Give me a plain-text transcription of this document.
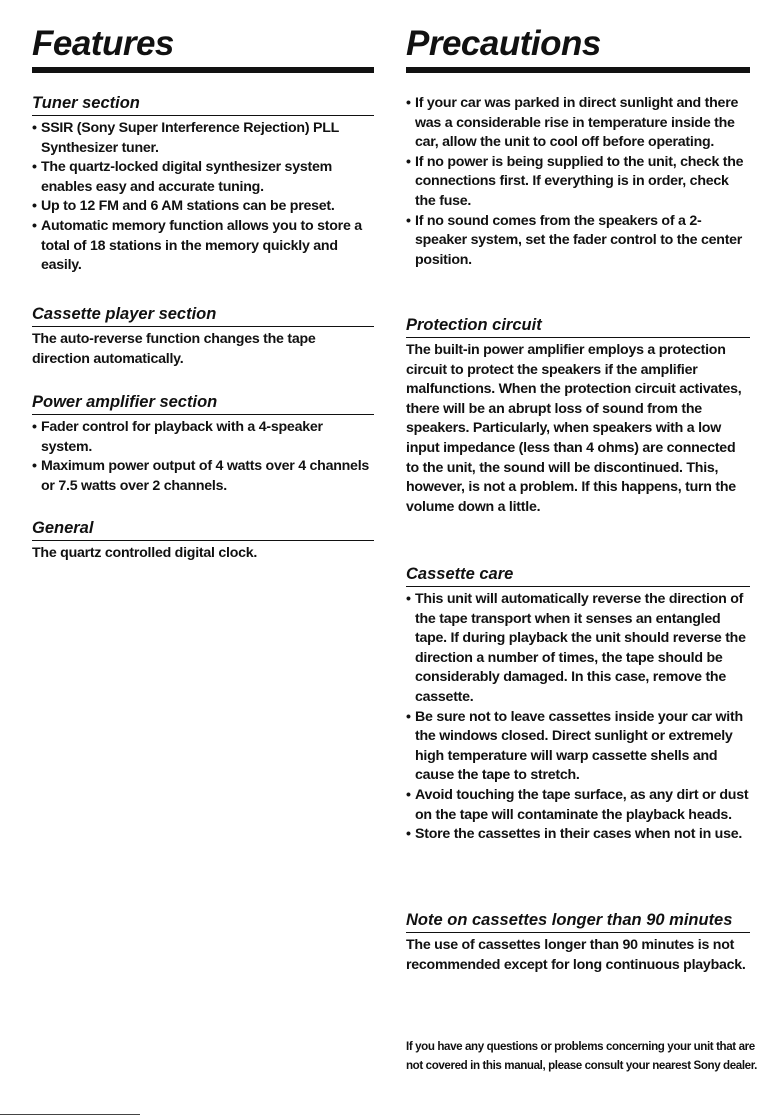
Features
Tuner section
• SSIR (Sony Super Interference Rejection) PLL Synthesizer tuner.
• The quartz-locked digital synthesizer system enables easy and accurate tuning.
• Up to 12 FM and 6 AM stations can be preset.
• Automatic memory function allows you to store a total of 18 stations in the memory quickly and easily.
Cassette player section
The auto-reverse function changes the tape direction automatically.
Power amplifier section
• Fader control for playback with a 4-speaker system.
• Maximum power output of 4 watts over 4 channels or 7.5 watts over 2 channels.
General
The quartz controlled digital clock.
Precautions
• If your car was parked in direct sunlight and there was a considerable rise in temperature inside the car, allow the unit to cool off before operating.
• If no power is being supplied to the unit, check the connections first. If everything is in order, check the fuse.
• If no sound comes from the speakers of a 2-speaker system, set the fader control to the center position.
Protection circuit
The built-in power amplifier employs a protection circuit to protect the speakers if the amplifier malfunctions. When the protection circuit activates, there will be an abrupt loss of sound from the speakers. Particularly, when speakers with a low input impedance (less than 4 ohms) are connected to the unit, the sound will be discontinued. This, however, is not a problem. If this happens, turn the volume down a little.
Cassette care
• This unit will automatically reverse the direction of the tape transport when it senses an entangled tape. If during playback the unit should reverse the direction a number of times, the tape should be considerably damaged. In this case, remove the cassette.
• Be sure not to leave cassettes inside your car with the windows closed. Direct sunlight or extremely high temperature will warp cassette shells and cause the tape to stretch.
• Avoid touching the tape surface, as any dirt or dust on the tape will contaminate the playback heads.
• Store the cassettes in their cases when not in use.
Note on cassettes longer than 90 minutes
The use of cassettes longer than 90 minutes is not recommended except for long continuous playback.
If you have any questions or problems concerning your unit that are not covered in this manual, please consult your nearest Sony dealer.
